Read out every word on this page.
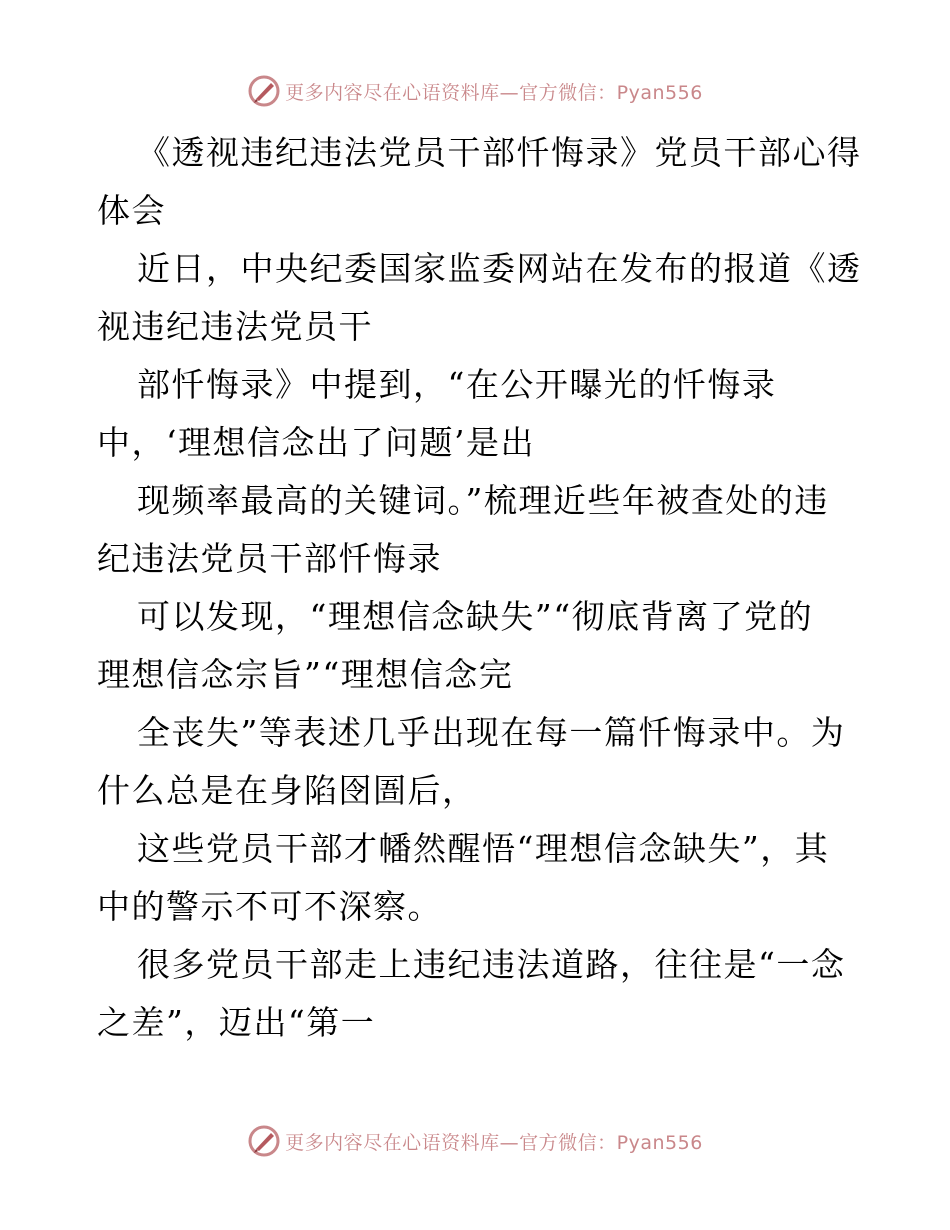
更多内容尽在心语资料库—官方微信：Pyan556
《透视违纪违法党员干部忏悔录》党员干部心得
体会
近日，中央纪委国家监委网站在发布的报道《透
视违纪违法党员干
部忏悔录》中提到，“在公开曝光的忏悔录
中，‘理想信念出了问题’是出
现频率最高的关键词。”梳理近些年被查处的违
纪违法党员干部忏悔录
可以发现，“理想信念缺失”“彻底背离了党的
理想信念宗旨”“理想信念完
全丧失”等表述几乎出现在每一篇忏悔录中。为
什么总是在身陷囹圄后，
这些党员干部才幡然醒悟“理想信念缺失”，其
中的警示不可不深察。
很多党员干部走上违纪违法道路，往往是“一念
之差”，迈出“第一
更多内容尽在心语资料库—官方微信：Pyan556
